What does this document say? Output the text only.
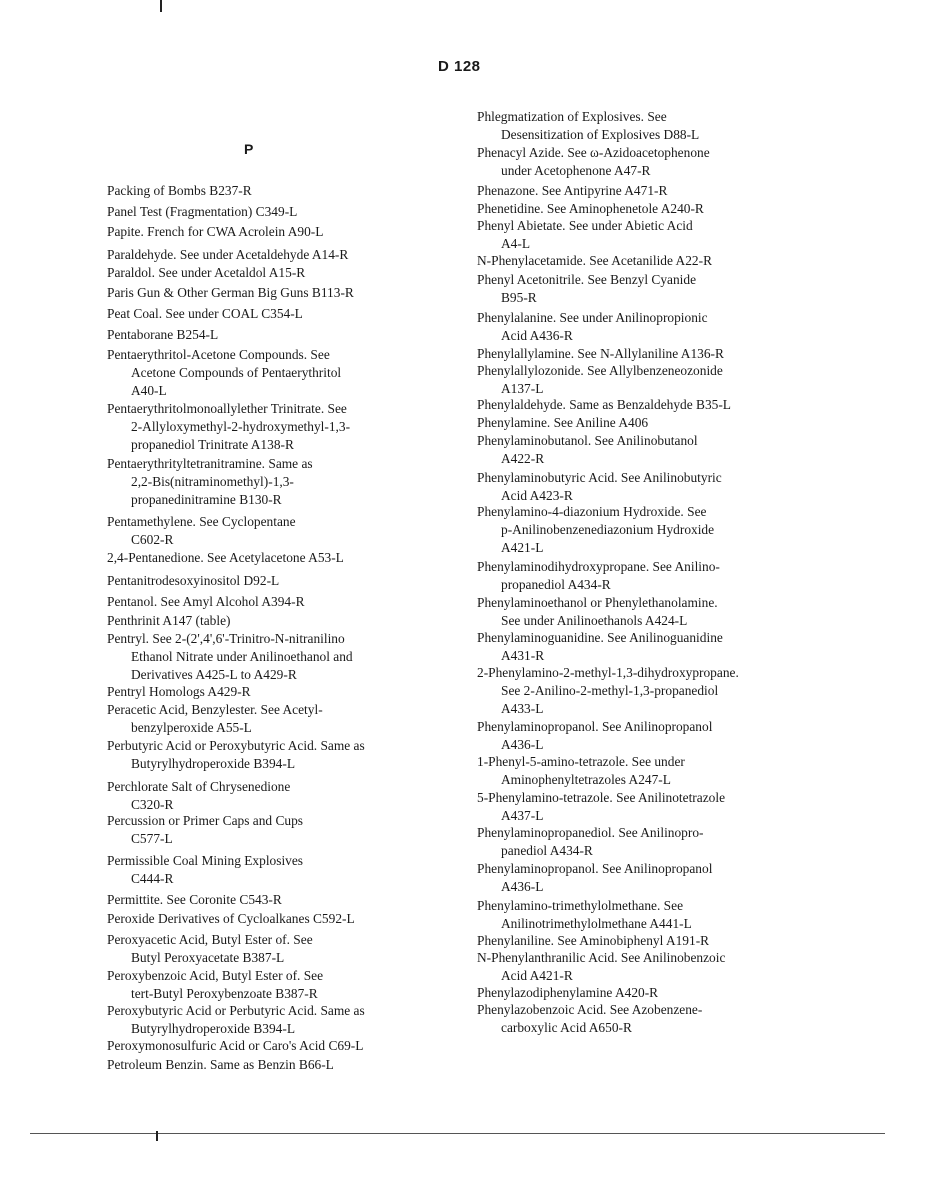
D 128
P
Packing of Bombs B237-R
Panel Test (Fragmentation) C349-L
Papite. French for CWA Acrolein A90-L
Paraldehyde. See under Acetaldehyde A14-R
Paraldol. See under Acetaldol A15-R
Paris Gun & Other German Big Guns B113-R
Peat Coal. See under COAL C354-L
Pentaborane B254-L
Pentaerythritol-Acetone Compounds. See
Acetone Compounds of Pentaerythritol
A40-L
Pentaerythritolmonoallylether Trinitrate. See
2-Allyloxymethyl-2-hydroxymethyl-1,3-
propanediol Trinitrate A138-R
Pentaerythrityltetranitramine. Same as
2,2-Bis(nitraminomethyl)-1,3-
propanedinitramine B130-R
Pentamethylene. See Cyclopentane
C602-R
2,4-Pentanedione. See Acetylacetone A53-L
Pentanitrodesoxyinositol D92-L
Pentanol. See Amyl Alcohol A394-R
Penthrinit A147 (table)
Pentryl. See 2-(2',4',6'-Trinitro-N-nitranilino
Ethanol Nitrate under Anilinoethanol and
Derivatives A425-L to A429-R
Pentryl Homologs A429-R
Peracetic Acid, Benzylester. See Acetyl-
benzylperoxide A55-L
Perbutyric Acid or Peroxybutyric Acid. Same as
Butyrylhydroperoxide B394-L
Perchlorate Salt of Chrysenedione
C320-R
Percussion or Primer Caps and Cups
C577-L
Permissible Coal Mining Explosives
C444-R
Permittite. See Coronite C543-R
Peroxide Derivatives of Cycloalkanes C592-L
Peroxyacetic Acid, Butyl Ester of. See
Butyl Peroxyacetate B387-L
Peroxybenzoic Acid, Butyl Ester of. See
tert-Butyl Peroxybenzoate B387-R
Peroxybutyric Acid or Perbutyric Acid. Same as
Butyrylhydroperoxide B394-L
Peroxymonosulfuric Acid or Caro's Acid C69-L
Petroleum Benzin. Same as Benzin B66-L
Phlegmatization of Explosives. See
Desensitization of Explosives D88-L
Phenacyl Azide. See ω-Azidoacetophenone
under Acetophenone A47-R
Phenazone. See Antipyrine A471-R
Phenetidine. See Aminophenetole A240-R
Phenyl Abietate. See under Abietic Acid
A4-L
N-Phenylacetamide. See Acetanilide A22-R
Phenyl Acetonitrile. See Benzyl Cyanide
B95-R
Phenylalanine. See under Anilinopropionic
Acid A436-R
Phenylallylamine. See N-Allylaniline A136-R
Phenylallylozonide. See Allylbenzeneozonide
A137-L
Phenylaldehyde. Same as Benzaldehyde B35-L
Phenylamine. See Aniline A406
Phenylaminobutanol. See Anilinobutanol
A422-R
Phenylaminobutyric Acid. See Anilinobutyric
Acid A423-R
Phenylamino-4-diazonium Hydroxide. See
p-Anilinobenzenediazonium Hydroxide
A421-L
Phenylaminodihydroxypropane. See Anilino-
propanediol A434-R
Phenylaminoethanol or Phenylethanolamine.
See under Anilinoethanols A424-L
Phenylaminoguanidine. See Anilinoguanidine
A431-R
2-Phenylamino-2-methyl-1,3-dihydroxypropane.
See 2-Anilino-2-methyl-1,3-propanediol
A433-L
Phenylaminopropanol. See Anilinopropanol
A436-L
1-Phenyl-5-amino-tetrazole. See under
Aminophenyltetrazoles A247-L
5-Phenylamino-tetrazole. See Anilinotetrazole
A437-L
Phenylaminopropanediol. See Anilinopro-
panediol A434-R
Phenylaminopropanol. See Anilinopropanol
A436-L
Phenylamino-trimethylolmethane. See
Anilinotrimethylolmethane A441-L
Phenylaniline. See Aminobiphenyl A191-R
N-Phenylanthranilic Acid. See Anilinobenzoic
Acid A421-R
Phenylazodiphenylamine A420-R
Phenylazobenzoic Acid. See Azobenzene-
carboxylic Acid A650-R
